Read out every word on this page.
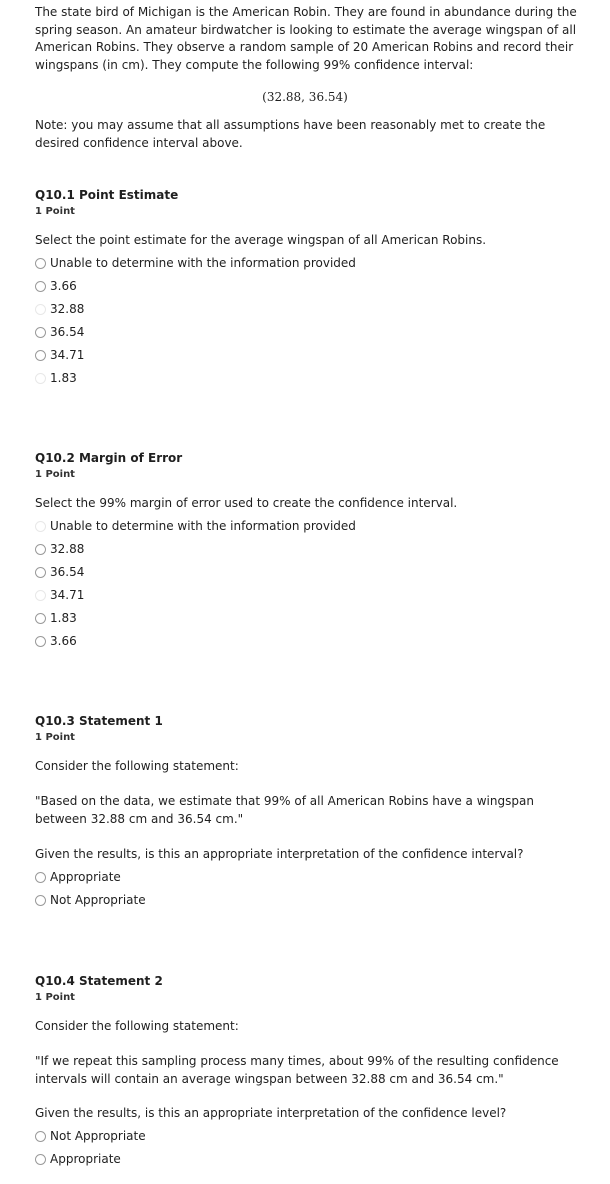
The state bird of Michigan is the American Robin. They are found in abundance during the spring season. An amateur birdwatcher is looking to estimate the average wingspan of all American Robins. They observe a random sample of 20 American Robins and record their wingspans (in cm). They compute the following 99% confidence interval:

(32.88, 36.54)

Note: you may assume that all assumptions have been reasonably met to create the desired confidence interval above.

Q10.1 Point Estimate
1 Point

Select the point estimate for the average wingspan of all American Robins.

Unable to determine with the information provided
3.66
32.88
36.54
34.71
1.83
Q10.2 Margin of Error
1 Point

Select the 99% margin of error used to create the confidence interval.

Unable to determine with the information provided
32.88
36.54
34.71
1.83
3.66
Q10.3 Statement 1
1 Point

Consider the following statement:

"Based on the data, we estimate that 99% of all American Robins have a wingspan between 32.88 cm and 36.54 cm."

Given the results, is this an appropriate interpretation of the confidence interval?

Appropriate
Not Appropriate
Q10.4 Statement 2
1 Point

Consider the following statement:

"If we repeat this sampling process many times, about 99% of the resulting confidence intervals will contain an average wingspan between 32.88 cm and 36.54 cm."

Given the results, is this an appropriate interpretation of the confidence level?

Not Appropriate
Appropriate
